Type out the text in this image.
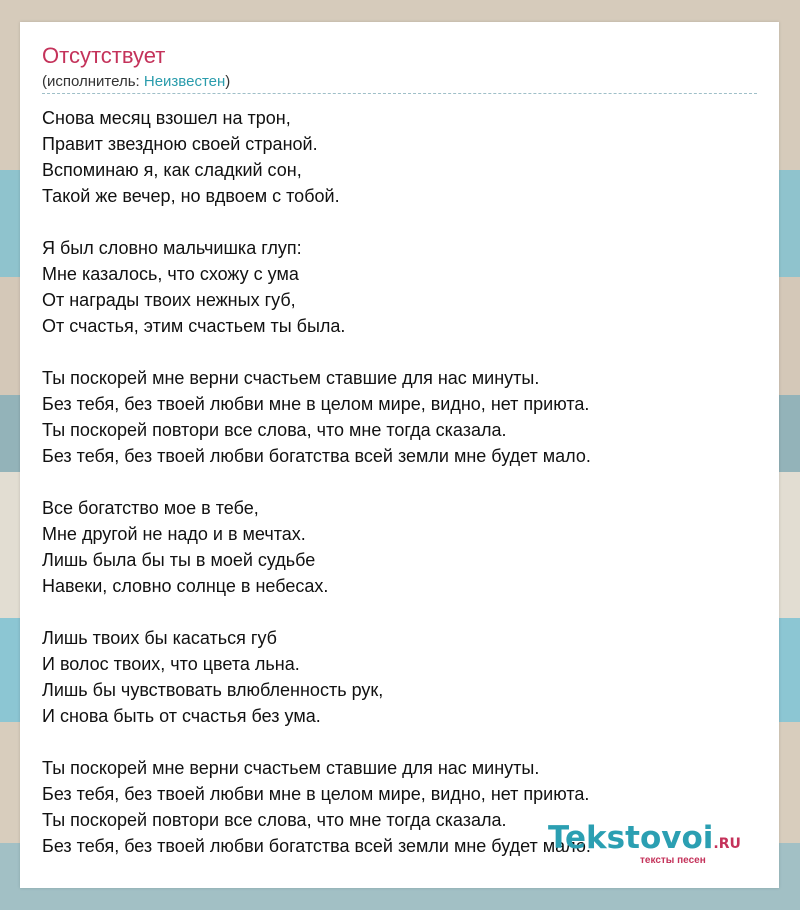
Отсутствует
(исполнитель: Неизвестен)
Снова месяц взошел на трон,
Правит звездною своей страной.
Вспоминаю я, как сладкий сон,
Такой же вечер, но вдвоем с тобой.
Я был словно мальчишка глуп:
Мне казалось, что схожу с ума
От награды твоих нежных губ,
От счастья, этим счастьем ты была.
Ты поскорей мне верни счастьем ставшие для нас минуты.
Без тебя, без твоей любви мне в целом мире, видно, нет приюта.
Ты поскорей повтори все слова, что мне тогда сказала.
Без тебя, без твоей любви богатства всей земли мне будет мало.
Все богатство мое в тебе,
Мне другой не надо и в мечтах.
Лишь была бы ты в моей судьбе
Навеки, словно солнце в небесах.
Лишь твоих бы касаться губ
И волос твоих, что цвета льна.
Лишь бы чувствовать влюбленность рук,
И снова быть от счастья без ума.
Ты поскорей мне верни счастьем ставшие для нас минуты.
Без тебя, без твоей любви мне в целом мире, видно, нет приюта.
Ты поскорей повтори все слова, что мне тогда сказала.
Без тебя, без твоей любви богатства всей земли мне будет мало.
Tekstovoi.RU
тексты песен
